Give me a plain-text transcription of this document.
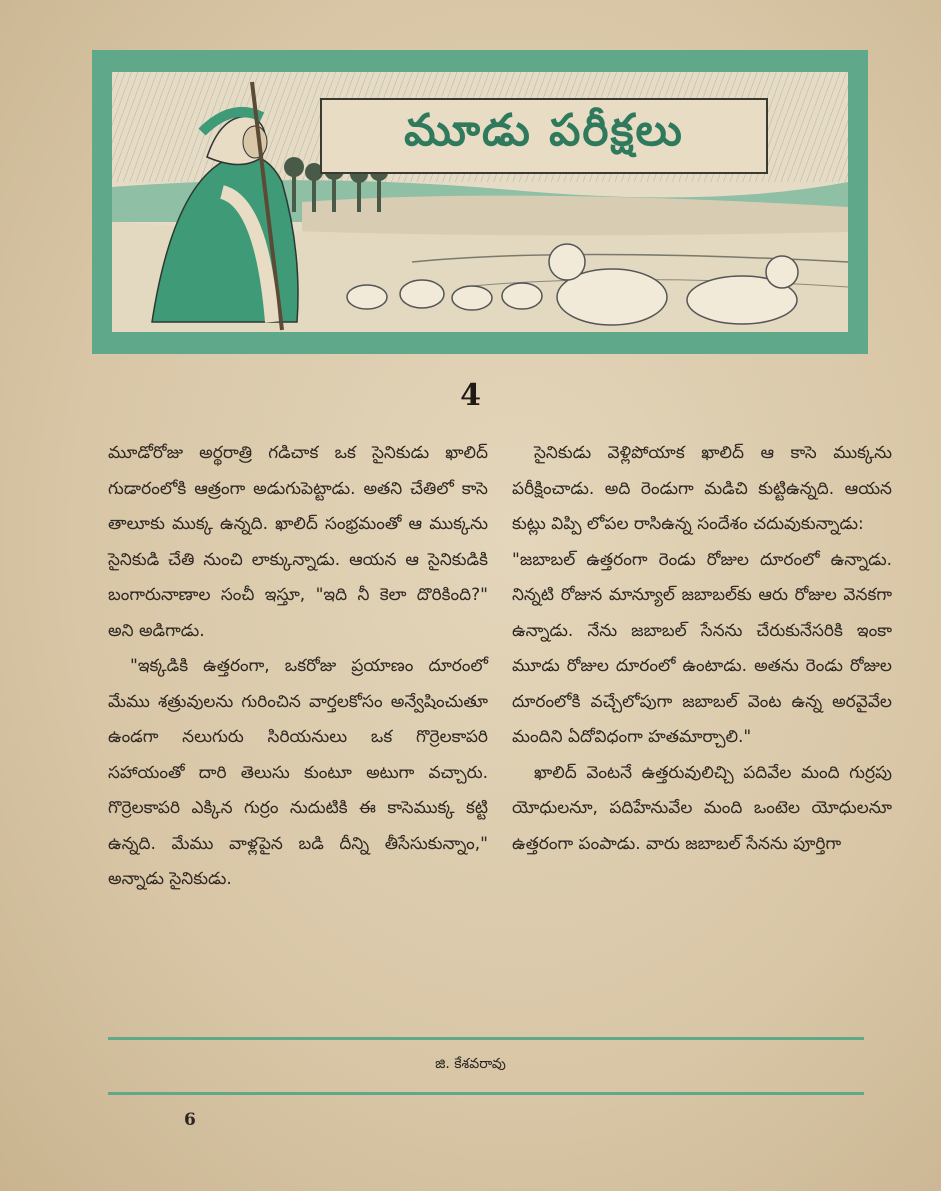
మూడు పరీక్షలు
4

మూడోరోజు అర్థరాత్రి గడిచాక ఒక సైనికుడు ఖాలిద్ గుడారంలోకి ఆత్రంగా అడుగుపెట్టాడు. అతని చేతిలో కాసె తాలూకు ముక్క ఉన్నది. ఖాలిద్ సంభ్రమంతో ఆ ముక్కను సైనికుడి చేతి నుంచి లాక్కున్నాడు. ఆయన ఆ సైనికుడికి బంగారునాణాల సంచీ ఇస్తూ, "ఇది నీ కెలా దొరికింది?" అని అడిగాడు.

"ఇక్కడికి ఉత్తరంగా, ఒకరోజు ప్రయాణం దూరంలో మేము శత్రువులను గురించిన వార్తలకోసం అన్వేషించుతూ ఉండగా నలుగురు సిరియనులు ఒక గొర్రెలకాపరి సహాయంతో దారి తెలుసు కుంటూ అటుగా వచ్చారు. గొర్రెలకాపరి ఎక్కిన గుర్రం నుదుటికి ఈ కాసెముక్క కట్టి ఉన్నది. మేము వాళ్లపైన బడి దీన్ని తీసేసుకున్నాం," అన్నాడు సైనికుడు.

సైనికుడు వెళ్లిపోయాక ఖాలిద్ ఆ కాసె ముక్కను పరీక్షించాడు. అది రెండుగా మడిచి కుట్టిఉన్నది. ఆయన కుట్లు విప్పి లోపల రాసిఉన్న సందేశం చదువుకున్నాడు:

"జబాబల్ ఉత్తరంగా రెండు రోజుల దూరంలో ఉన్నాడు. నిన్నటి రోజున మాన్యూల్ జబాబల్‌కు ఆరు రోజుల వెనకగా ఉన్నాడు. నేను జబాబల్ సేనను చేరుకునేసరికి ఇంకా మూడు రోజుల దూరంలో ఉంటాడు. అతను రెండు రోజుల దూరంలోకి వచ్చేలోపుగా జబాబల్ వెంట ఉన్న అరవైవేల మందిని ఏదోవిధంగా హతమార్చాలి."

ఖాలిద్ వెంటనే ఉత్తరువులిచ్చి పదివేల మంది గుర్రపు యోధులనూ, పదిహేనువేల మంది ఒంటెల యోధులనూ ఉత్తరంగా పంపాడు. వారు జబాబల్ సేనను పూర్తిగా

జి. కేశవరావు
6
